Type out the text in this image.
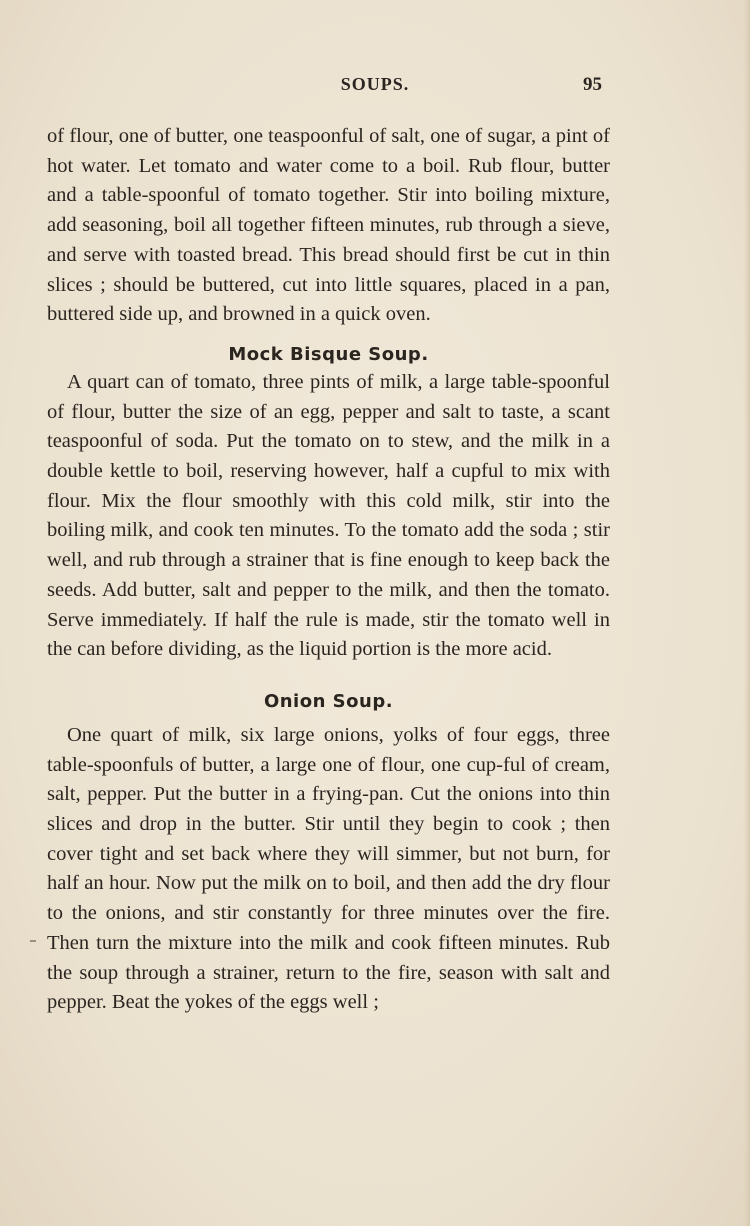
SOUPS.	95

of flour, one of butter, one teaspoonful of salt, one of sugar, a pint of hot water. Let tomato and water come to a boil. Rub flour, butter and a table-spoonful of tomato together. Stir into boiling mixture, add seasoning, boil all together fifteen minutes, rub through a sieve, and serve with toasted bread. This bread should first be cut in thin slices ; should be buttered, cut into little squares, placed in a pan, buttered side up, and browned in a quick oven.

Mock Bisque Soup.

A quart can of tomato, three pints of milk, a large table-spoonful of flour, butter the size of an egg, pepper and salt to taste, a scant teaspoonful of soda. Put the tomato on to stew, and the milk in a double kettle to boil, reserving however, half a cupful to mix with flour. Mix the flour smoothly with this cold milk, stir into the boiling milk, and cook ten minutes. To the tomato add the soda ; stir well, and rub through a strainer that is fine enough to keep back the seeds. Add butter, salt and pepper to the milk, and then the tomato. Serve immediately. If half the rule is made, stir the tomato well in the can before dividing, as the liquid portion is the more acid.

Onion Soup.

One quart of milk, six large onions, yolks of four eggs, three table-spoonfuls of butter, a large one of flour, one cup-ful of cream, salt, pepper. Put the butter in a frying-pan. Cut the onions into thin slices and drop in the butter. Stir until they begin to cook ; then cover tight and set back where they will simmer, but not burn, for half an hour. Now put the milk on to boil, and then add the dry flour to the onions, and stir constantly for three minutes over the fire. Then turn the mixture into the milk and cook fifteen minutes. Rub the soup through a strainer, return to the fire, season with salt and pepper. Beat the yokes of the eggs well ;
